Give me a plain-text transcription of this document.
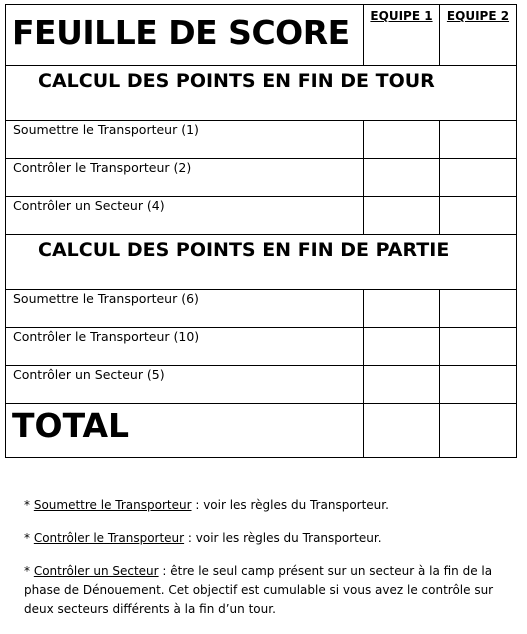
FEUILLE DE SCORE	EQUIPE 1	EQUIPE 2

CALCUL DES POINTS EN FIN DE TOUR		

Soumettre le Transporteur (1)		

Contrôler le Transporteur (2)		

Contrôler un Secteur (4)		

CALCUL DES POINTS EN FIN DE PARTIE		

Soumettre le Transporteur (6)		

Contrôler le Transporteur (10)		

Contrôler un Secteur (5)		

TOTAL		

* Soumettre le Transporteur : voir les règles du Transporteur.

* Contrôler le Transporteur : voir les règles du Transporteur.

* Contrôler un Secteur : être le seul camp présent sur un secteur à la fin de la phase de Dénouement. Cet objectif est cumulable si vous avez le contrôle sur deux secteurs différents à la fin d’un tour.
